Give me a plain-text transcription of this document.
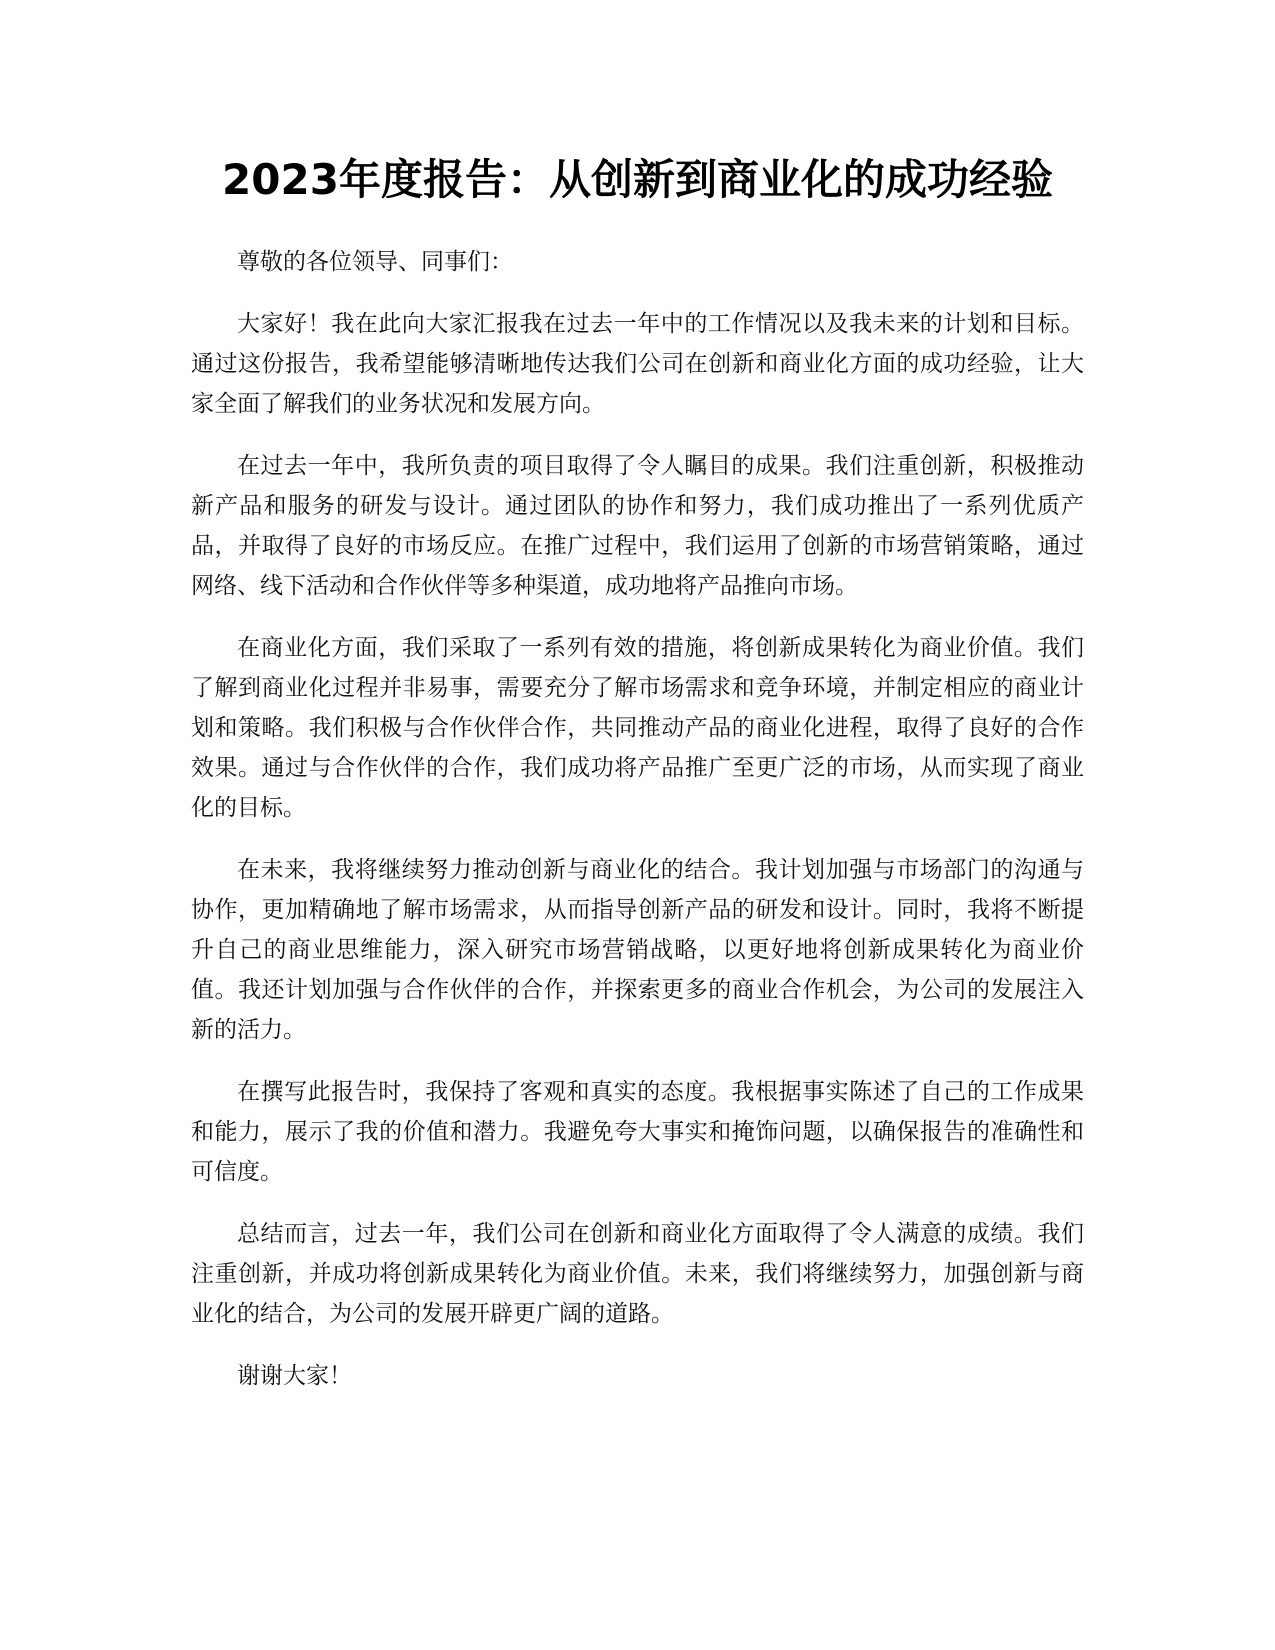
2023年度报告：从创新到商业化的成功经验

尊敬的各位领导、同事们：

大家好！我在此向大家汇报我在过去一年中的工作情况以及我未来的计划和目标。通过这份报告，我希望能够清晰地传达我们公司在创新和商业化方面的成功经验，让大家全面了解我们的业务状况和发展方向。

在过去一年中，我所负责的项目取得了令人瞩目的成果。我们注重创新，积极推动新产品和服务的研发与设计。通过团队的协作和努力，我们成功推出了一系列优质产品，并取得了良好的市场反应。在推广过程中，我们运用了创新的市场营销策略，通过网络、线下活动和合作伙伴等多种渠道，成功地将产品推向市场。

在商业化方面，我们采取了一系列有效的措施，将创新成果转化为商业价值。我们了解到商业化过程并非易事，需要充分了解市场需求和竞争环境，并制定相应的商业计划和策略。我们积极与合作伙伴合作，共同推动产品的商业化进程，取得了良好的合作效果。通过与合作伙伴的合作，我们成功将产品推广至更广泛的市场，从而实现了商业化的目标。

在未来，我将继续努力推动创新与商业化的结合。我计划加强与市场部门的沟通与协作，更加精确地了解市场需求，从而指导创新产品的研发和设计。同时，我将不断提升自己的商业思维能力，深入研究市场营销战略，以更好地将创新成果转化为商业价值。我还计划加强与合作伙伴的合作，并探索更多的商业合作机会，为公司的发展注入新的活力。

在撰写此报告时，我保持了客观和真实的态度。我根据事实陈述了自己的工作成果和能力，展示了我的价值和潜力。我避免夸大事实和掩饰问题，以确保报告的准确性和可信度。

总结而言，过去一年，我们公司在创新和商业化方面取得了令人满意的成绩。我们注重创新，并成功将创新成果转化为商业价值。未来，我们将继续努力，加强创新与商业化的结合，为公司的发展开辟更广阔的道路。

谢谢大家！
